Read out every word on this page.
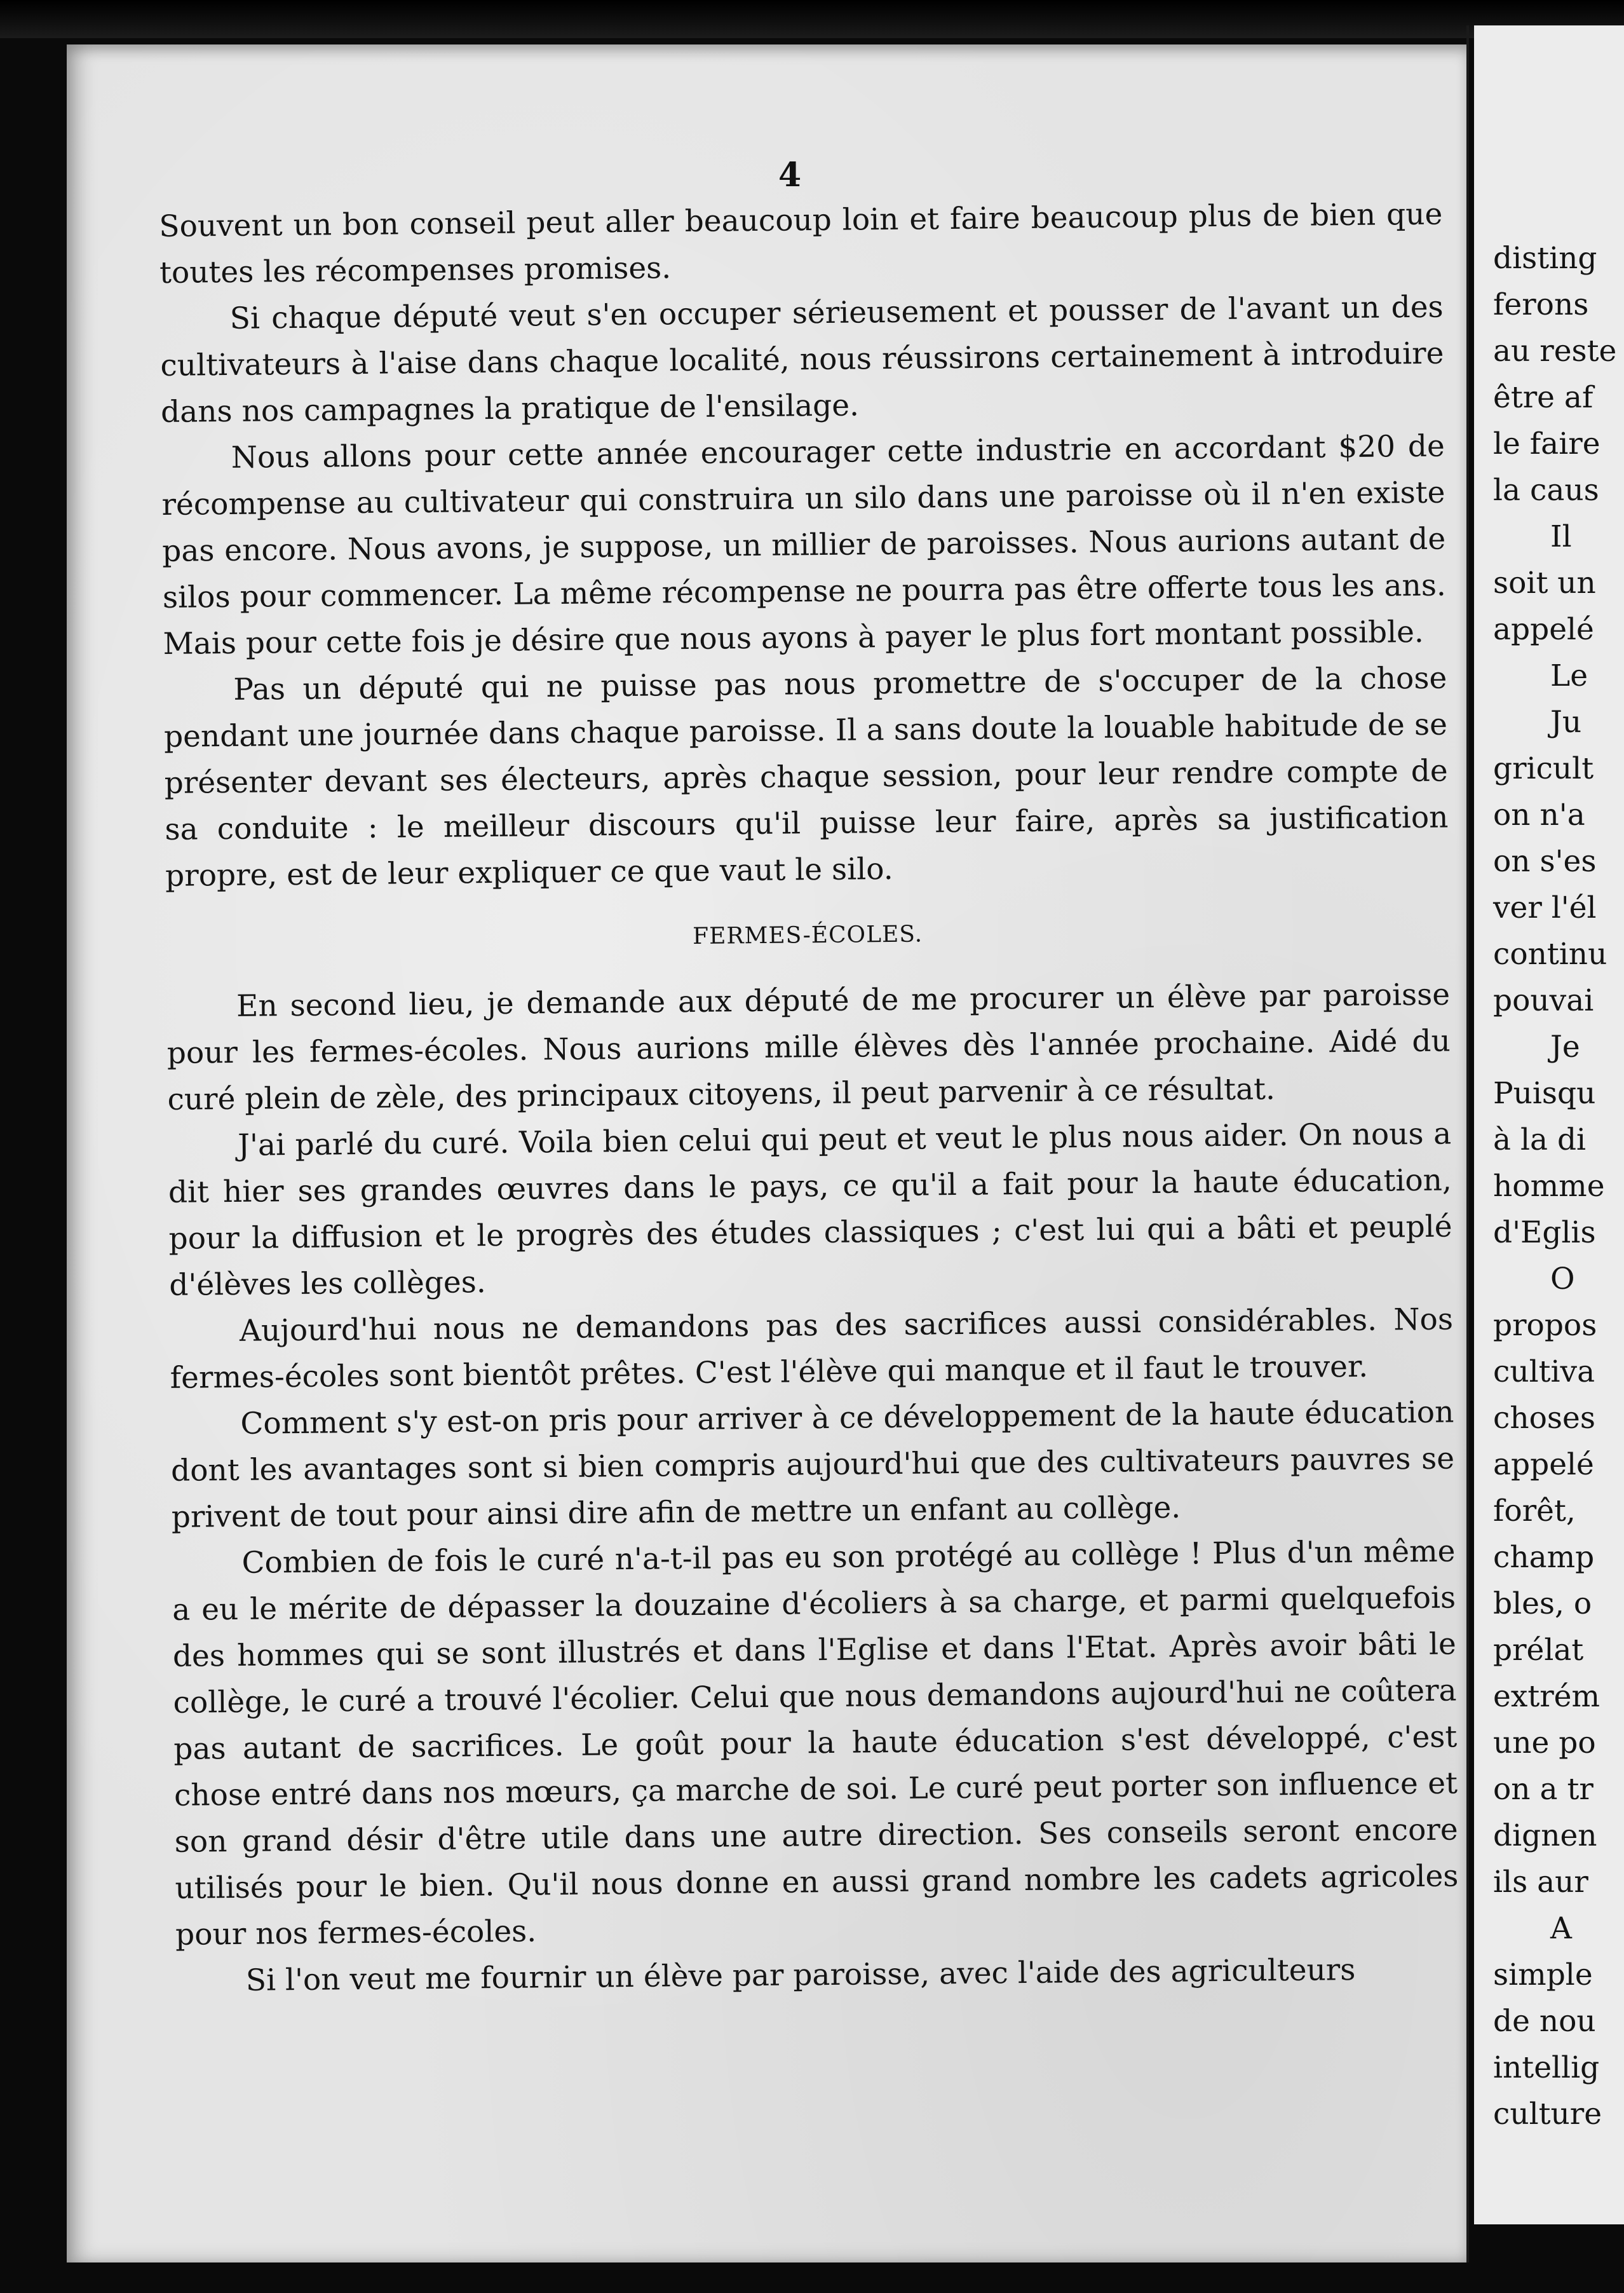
4

Souvent un bon conseil peut aller beaucoup loin et faire beaucoup plus de bien que toutes les récompenses promises.

Si chaque député veut s'en occuper sérieusement et pousser de l'avant un des cultivateurs à l'aise dans chaque localité, nous réussirons certainement à introduire dans nos campagnes la pratique de l'ensilage.

Nous allons pour cette année encourager cette industrie en accordant $20 de récompense au cultivateur qui construira un silo dans une paroisse où il n'en existe pas encore. Nous avons, je suppose, un millier de paroisses. Nous aurions autant de silos pour commencer. La même récompense ne pourra pas être offerte tous les ans. Mais pour cette fois je désire que nous ayons à payer le plus fort montant possible.

Pas un député qui ne puisse pas nous promettre de s'occuper de la chose pendant une journée dans chaque paroisse. Il a sans doute la louable habitude de se présenter devant ses électeurs, après chaque session, pour leur rendre compte de sa conduite : le meilleur discours qu'il puisse leur faire, après sa justification propre, est de leur expliquer ce que vaut le silo.

FERMES-ÉCOLES.

En second lieu, je demande aux député de me procurer un élève par paroisse pour les fermes-écoles. Nous aurions mille élèves dès l'année prochaine. Aidé du curé plein de zèle, des principaux citoyens, il peut parvenir à ce résultat.

J'ai parlé du curé. Voila bien celui qui peut et veut le plus nous aider. On nous a dit hier ses grandes œuvres dans le pays, ce qu'il a fait pour la haute éducation, pour la diffusion et le progrès des études classiques ; c'est lui qui a bâti et peuplé d'élèves les collèges.

Aujourd'hui nous ne demandons pas des sacrifices aussi considérables. Nos fermes-écoles sont bientôt prêtes. C'est l'élève qui manque et il faut le trouver.

Comment s'y est-on pris pour arriver à ce développement de la haute éducation dont les avantages sont si bien compris aujourd'hui que des cultivateurs pauvres se privent de tout pour ainsi dire afin de mettre un enfant au collège.

Combien de fois le curé n'a-t-il pas eu son protégé au collège ! Plus d'un même a eu le mérite de dépasser la douzaine d'écoliers à sa charge, et parmi quelquefois des hommes qui se sont illustrés et dans l'Eglise et dans l'Etat. Après avoir bâti le collège, le curé a trouvé l'écolier. Celui que nous demandons aujourd'hui ne coûtera pas autant de sacrifices. Le goût pour la haute éducation s'est développé, c'est chose entré dans nos mœurs, ça marche de soi. Le curé peut porter son influence et son grand désir d'être utile dans une autre direction. Ses conseils seront encore utilisés pour le bien. Qu'il nous donne en aussi grand nombre les cadets agricoles pour nos fermes-écoles.

Si l'on veut me fournir un élève par paroisse, avec l'aide des agriculteurs

disting
ferons
au reste
être af
le faire
la caus
Il
soit un
appelé
Le
Ju
gricult
on n'a
on s'es
ver l'él
continu
pouvai
Je
Puisqu
à la di
homme
d'Eglis
O
propos
cultiva
choses
appelé
forêt,
champ
bles, o
prélat
extrém
une po
on a tr
dignen
ils aur
A
simple
de nou
intellig
culture
